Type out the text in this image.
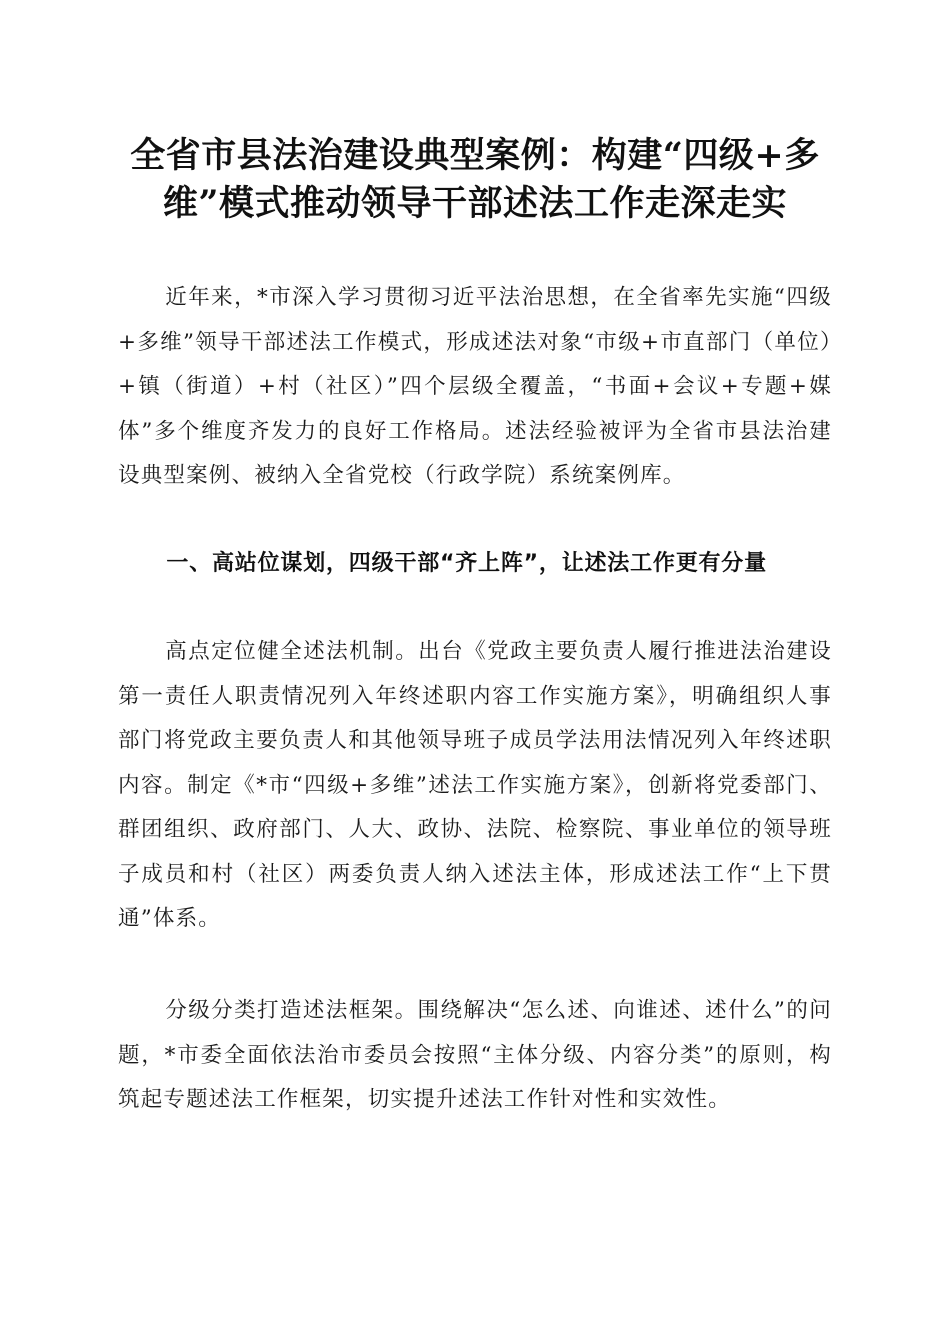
全省市县法治建设典型案例：构建“四级+多维”模式推动领导干部述法工作走深走实

近年来，*市深入学习贯彻习近平法治思想，在全省率先实施“四级+多维”领导干部述法工作模式，形成述法对象“市级+市直部门（单位）+镇（街道）+村（社区）”四个层级全覆盖，“书面+会议+专题+媒体”多个维度齐发力的良好工作格局。述法经验被评为全省市县法治建设典型案例、被纳入全省党校（行政学院）系统案例库。

一、高站位谋划，四级干部“齐上阵”，让述法工作更有分量

高点定位健全述法机制。出台《党政主要负责人履行推进法治建设第一责任人职责情况列入年终述职内容工作实施方案》，明确组织人事部门将党政主要负责人和其他领导班子成员学法用法情况列入年终述职内容。制定《*市“四级+多维”述法工作实施方案》，创新将党委部门、群团组织、政府部门、人大、政协、法院、检察院、事业单位的领导班子成员和村（社区）两委负责人纳入述法主体，形成述法工作“上下贯通”体系。

分级分类打造述法框架。围绕解决“怎么述、向谁述、述什么”的问题，*市委全面依法治市委员会按照“主体分级、内容分类”的原则，构筑起专题述法工作框架，切实提升述法工作针对性和实效性。
